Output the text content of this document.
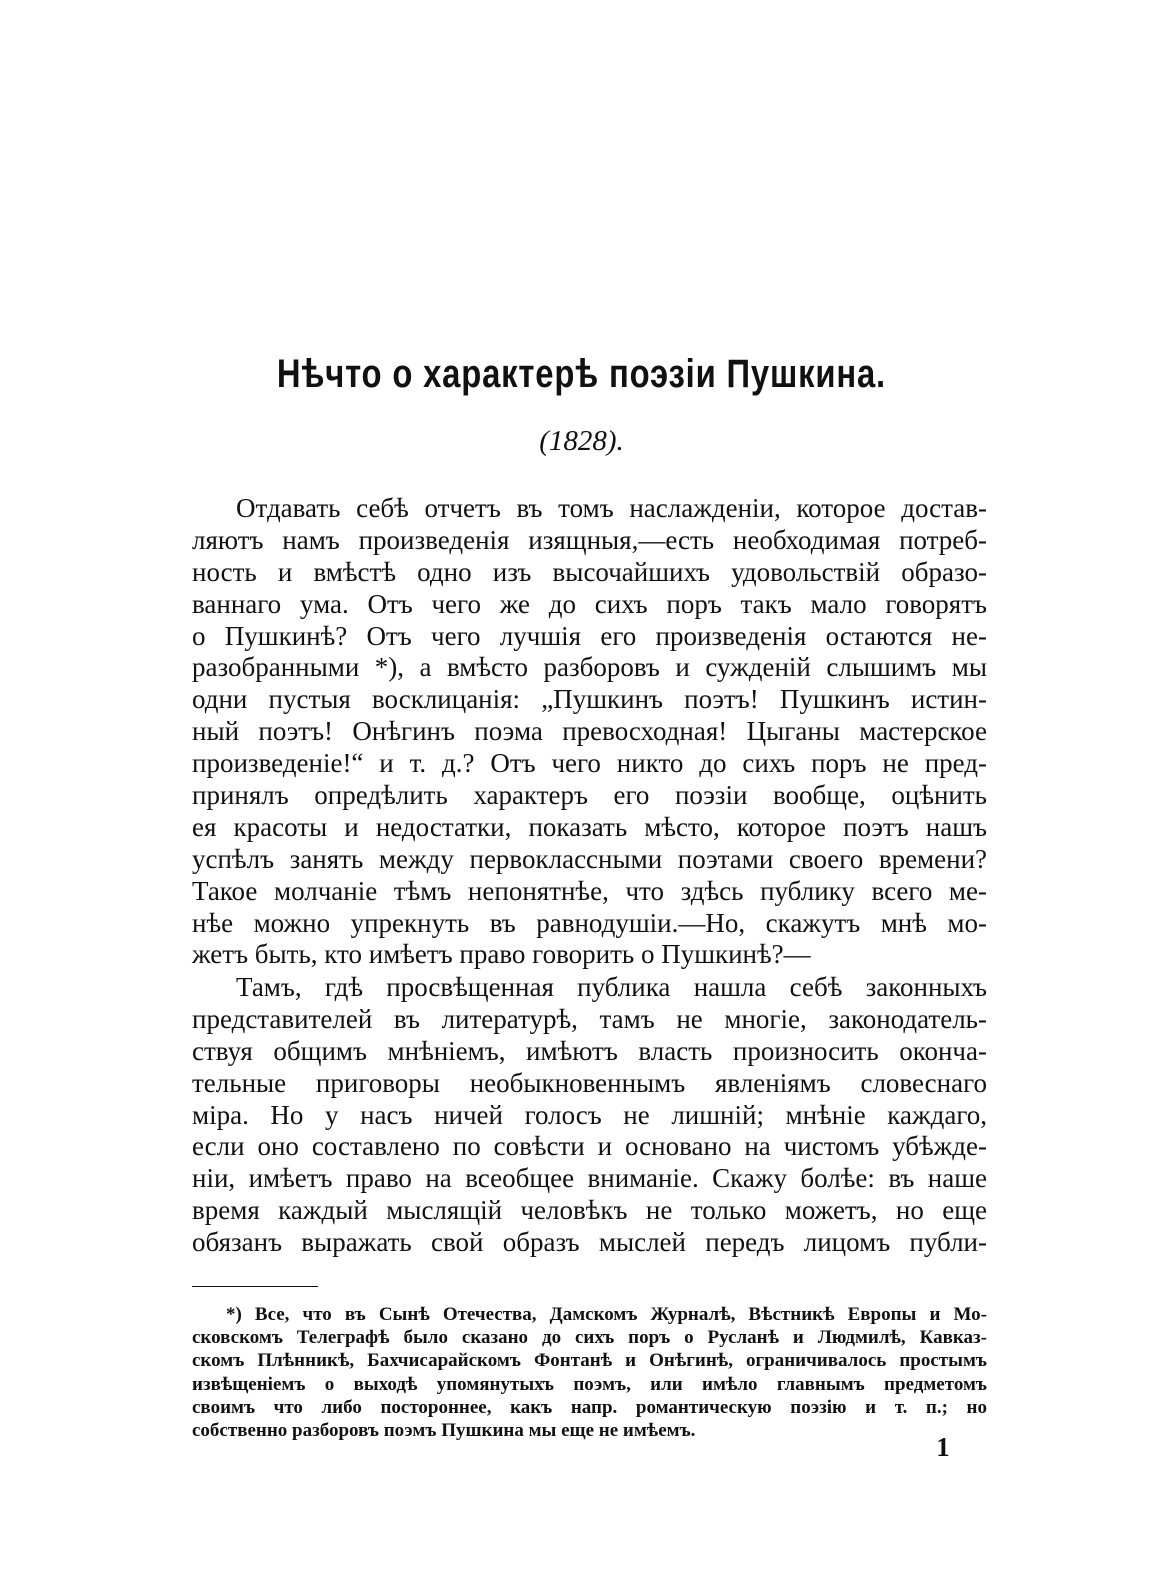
Нѣчто о характерѣ поэзіи Пушкина.

(1828).

Отдавать себѣ отчетъ въ томъ наслажденіи, которое достав-
ляютъ намъ произведенія изящныя,—есть необходимая потреб-
ность и вмѣстѣ одно изъ высочайшихъ удовольствій образо-
ваннаго ума. Отъ чего же до сихъ поръ такъ мало говорятъ
о Пушкинѣ? Отъ чего лучшія его произведенія остаются не-
разобранными *), а вмѣсто разборовъ и сужденій слышимъ мы
одни пустыя восклицанія: „Пушкинъ поэтъ! Пушкинъ истин-
ный поэтъ! Онѣгинъ поэма превосходная! Цыганы мастерское
произведеніе!“ и т. д.? Отъ чего никто до сихъ поръ не пред-
принялъ опредѣлить характеръ его поэзіи вообще, оцѣнить
ея красоты и недостатки, показать мѣсто, которое поэтъ нашъ
успѣлъ занять между первоклассными поэтами своего времени?
Такое молчаніе тѣмъ непонятнѣе, что здѣсь публику всего ме-
нѣе можно упрекнуть въ равнодушіи.—Но, скажутъ мнѣ мо-
жетъ быть, кто имѣетъ право говорить о Пушкинѣ?—
Тамъ, гдѣ просвѣщенная публика нашла себѣ законныхъ
представителей въ литературѣ, тамъ не многіе, законодатель-
ствуя общимъ мнѣніемъ, имѣютъ власть произносить оконча-
тельные приговоры необыкновеннымъ явленіямъ словеснаго
міра. Но у насъ ничей голосъ не лишній; мнѣніе каждаго,
если оно составлено по совѣсти и основано на чистомъ убѣжде-
ніи, имѣетъ право на всеобщее вниманіе. Скажу болѣе: въ наше
время каждый мыслящій человѣкъ не только можетъ, но еще
обязанъ выражать свой образъ мыслей передъ лицомъ публи-
*) Все, что въ Сынѣ Отечества, Дамскомъ Журналѣ, Вѣстникѣ Европы и Мо-
сковскомъ Телеграфѣ было сказано до сихъ поръ о Русланѣ и Людмилѣ, Кавказ-
скомъ Плѣнникѣ, Бахчисарайскомъ Фонтанѣ и Онѣгинѣ, ограничивалось простымъ
извѣщеніемъ о выходѣ упомянутыхъ поэмъ, или имѣло главнымъ предметомъ
своимъ что либо постороннее, какъ напр. романтическую поэзію и т. п.; но
собственно разборовъ поэмъ Пушкина мы еще не имѣемъ.
1
